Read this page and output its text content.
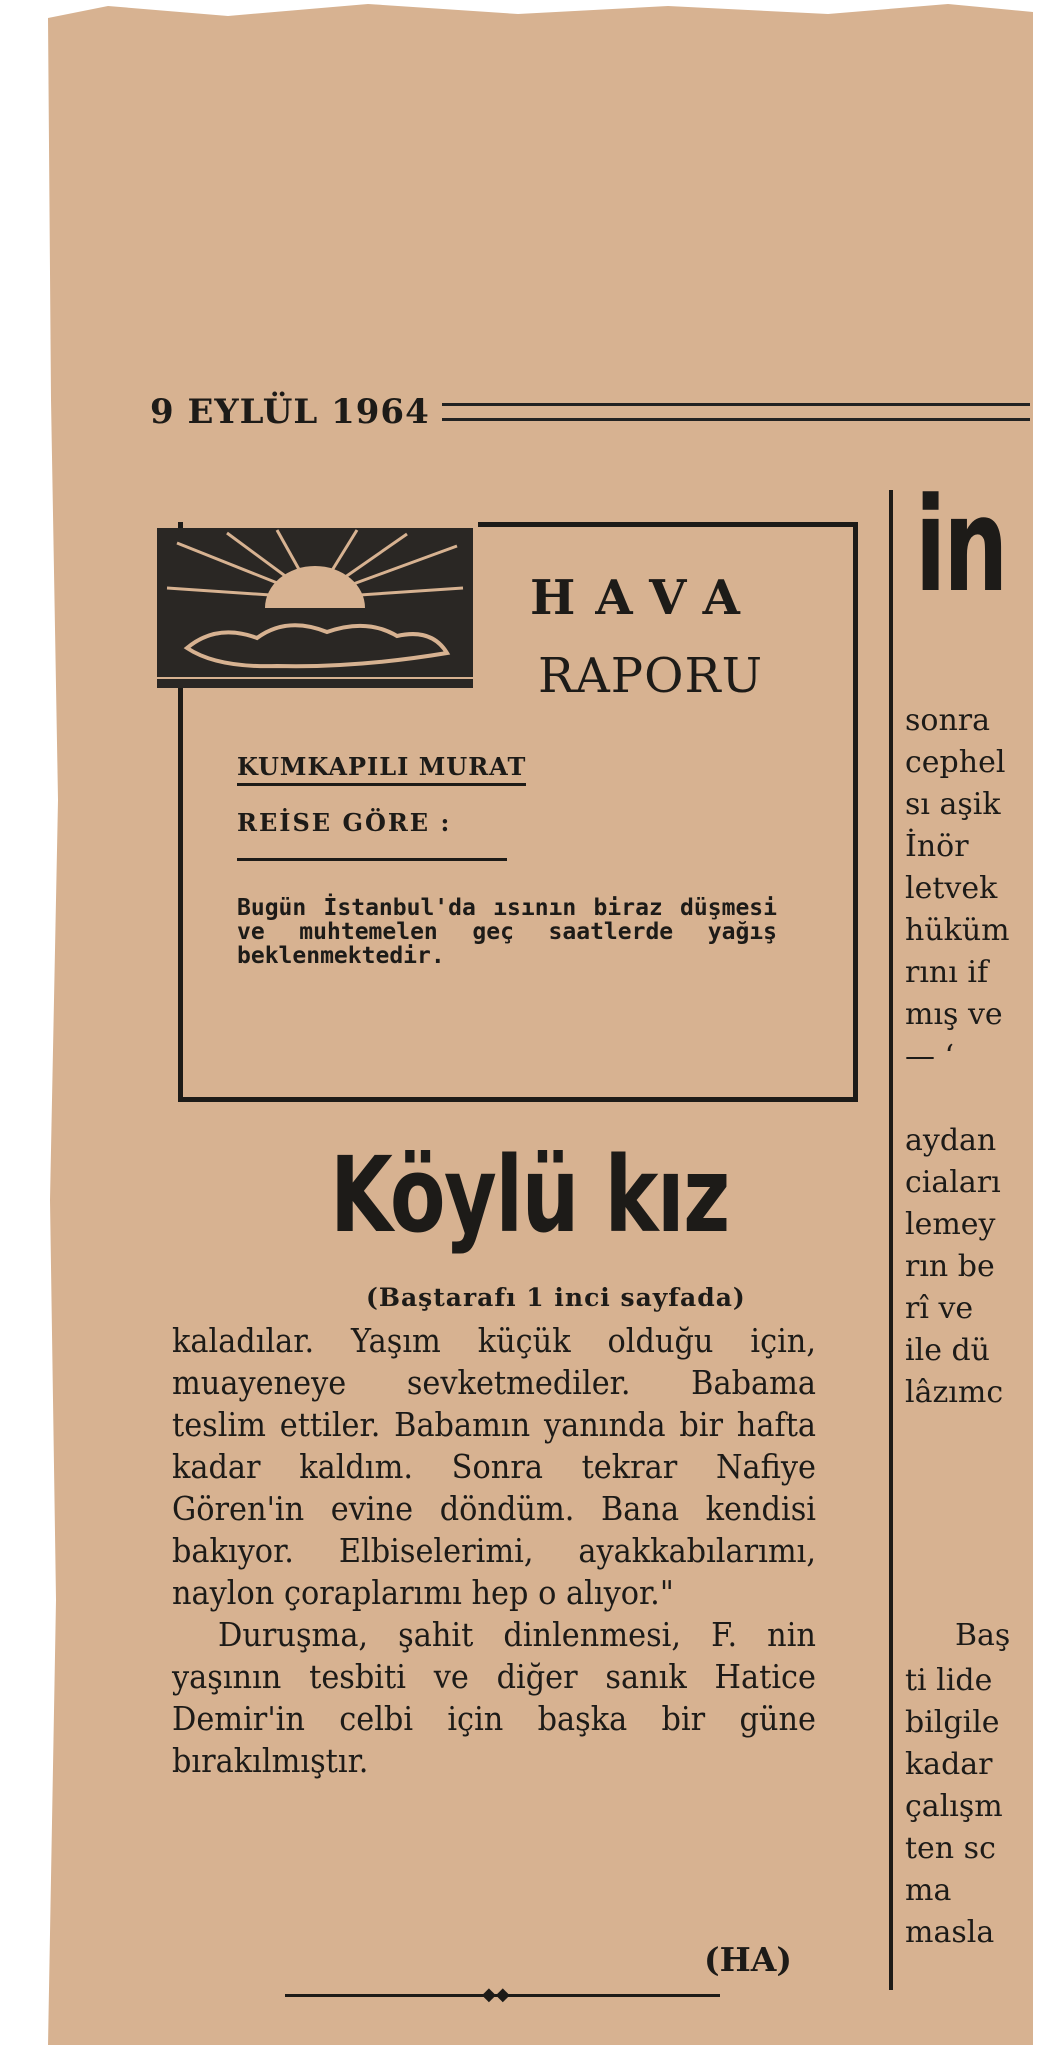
9 EYLÜL 1964
HAVA
RAPORU
KUMKAPILI MURAT
REİSE GÖRE :
Bugün İstanbul'da ısının biraz düşmesi ve muhtemelen geç saatlerde yağış beklenmektedir.
Köylü kız
(Baştarafı 1 inci sayfada)

kaladılar. Yaşım küçük olduğu için, muayeneye sevketmediler. Babama teslim ettiler. Babamın yanında bir hafta kadar kaldım. Sonra tekrar Nafiye Gören'in evine döndüm. Bana kendisi bakıyor. Elbiselerimi, ayakkabılarımı, naylon çoraplarımı hep o alıyor."

Duruşma, şahit dinlenmesi, F. nin yaşının tesbiti ve diğer sanık Hatice Demir'in celbi için başka bir güne bırakılmıştır.

(HA)
◆◆
in
sonra
cephel
sı aşik
İnör
letvek
hüküm
rını if
mış ve
— ‘
aydan
ciaları
lemey
rın be
rî ve
ile dü
lâzımc
Baş
ti lide
bilgile
kadar
çalışm
ten sc
ma
masla
